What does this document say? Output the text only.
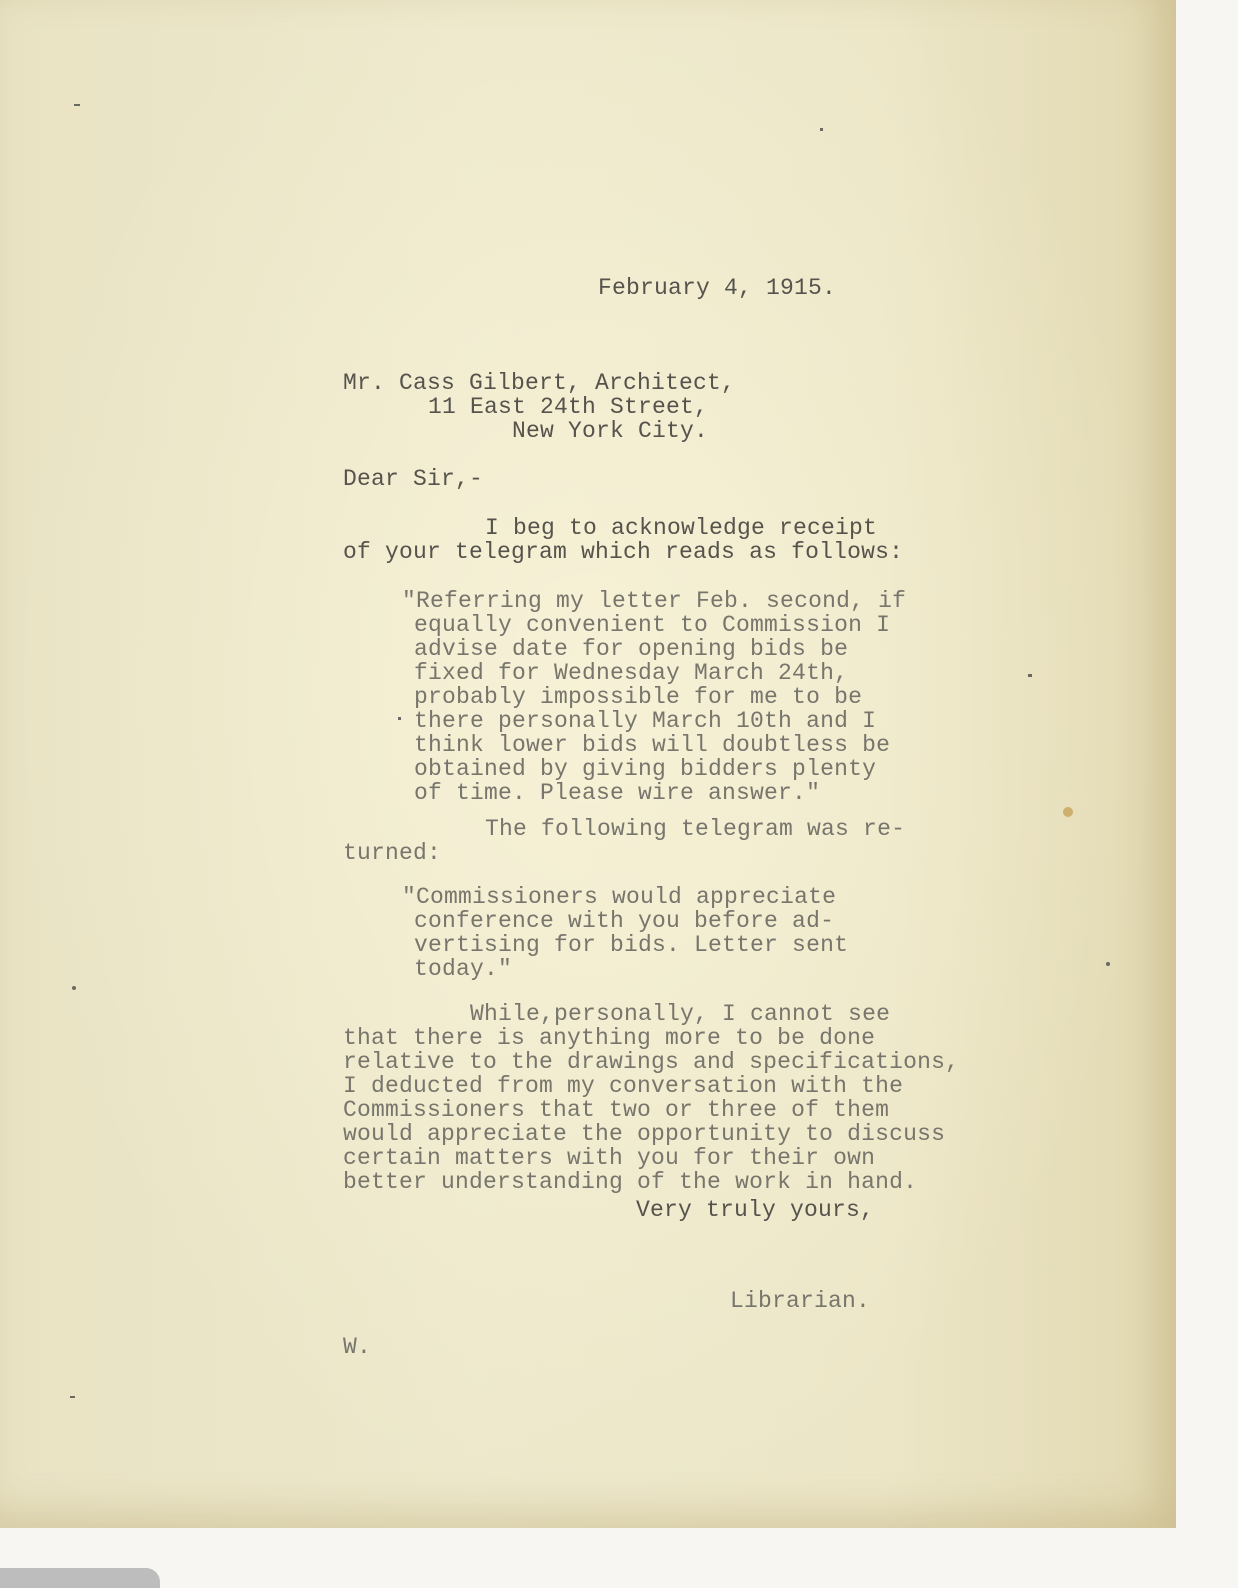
February 4, 1915.

Mr. Cass Gilbert, Architect,

11 East 24th Street,

New York City.

Dear Sir,-

I beg to acknowledge receipt

of your telegram which reads as follows:

"Referring my letter Feb. second, if

equally convenient to Commission I

advise date for opening bids be

fixed for Wednesday March 24th,

probably impossible for me to be

there personally March 10th and I

think lower bids will doubtless be

obtained by giving bidders plenty

of time. Please wire answer."

The following telegram was re-

turned:

"Commissioners would appreciate

conference with you before ad-

vertising for bids. Letter sent

today."

While,personally, I cannot see

that there is anything more to be done

relative to the drawings and specifications,

I deducted from my conversation with the

Commissioners that two or three of them

would appreciate the opportunity to discuss

certain matters with you for their own

better understanding of the work in hand.

Very truly yours,

Librarian.

W.
